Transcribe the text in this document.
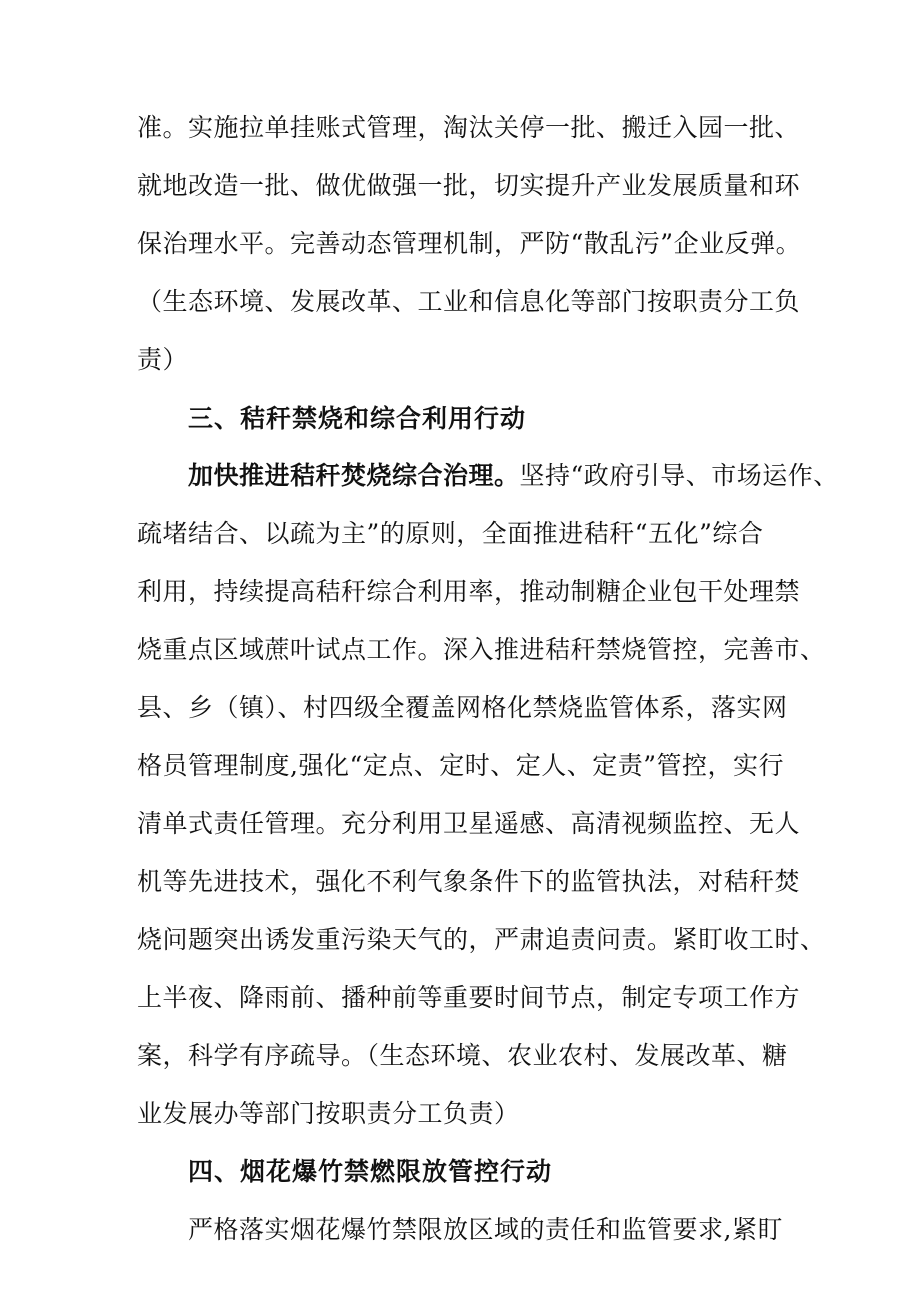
准。实施拉单挂账式管理，淘汰关停一批、搬迁入园一批、
就地改造一批、做优做强一批，切实提升产业发展质量和环
保治理水平。完善动态管理机制，严防“散乱污”企业反弹。
（生态环境、发展改革、工业和信息化等部门按职责分工负
责）
三、秸秆禁烧和综合利用行动
加快推进秸秆焚烧综合治理。坚持“政府引导、市场运作、
疏堵结合、以疏为主”的原则，全面推进秸秆“五化”综合
利用，持续提高秸秆综合利用率，推动制糖企业包干处理禁
烧重点区域蔗叶试点工作。深入推进秸秆禁烧管控，完善市、
县、乡（镇）、村四级全覆盖网格化禁烧监管体系，落实网
格员管理制度,强化“定点、定时、定人、定责”管控，实行
清单式责任管理。充分利用卫星遥感、高清视频监控、无人
机等先进技术，强化不利气象条件下的监管执法，对秸秆焚
烧问题突出诱发重污染天气的，严肃追责问责。紧盯收工时、
上半夜、降雨前、播种前等重要时间节点，制定专项工作方
案，科学有序疏导。（生态环境、农业农村、发展改革、糖
业发展办等部门按职责分工负责）
四、烟花爆竹禁燃限放管控行动
严格落实烟花爆竹禁限放区域的责任和监管要求,紧盯
